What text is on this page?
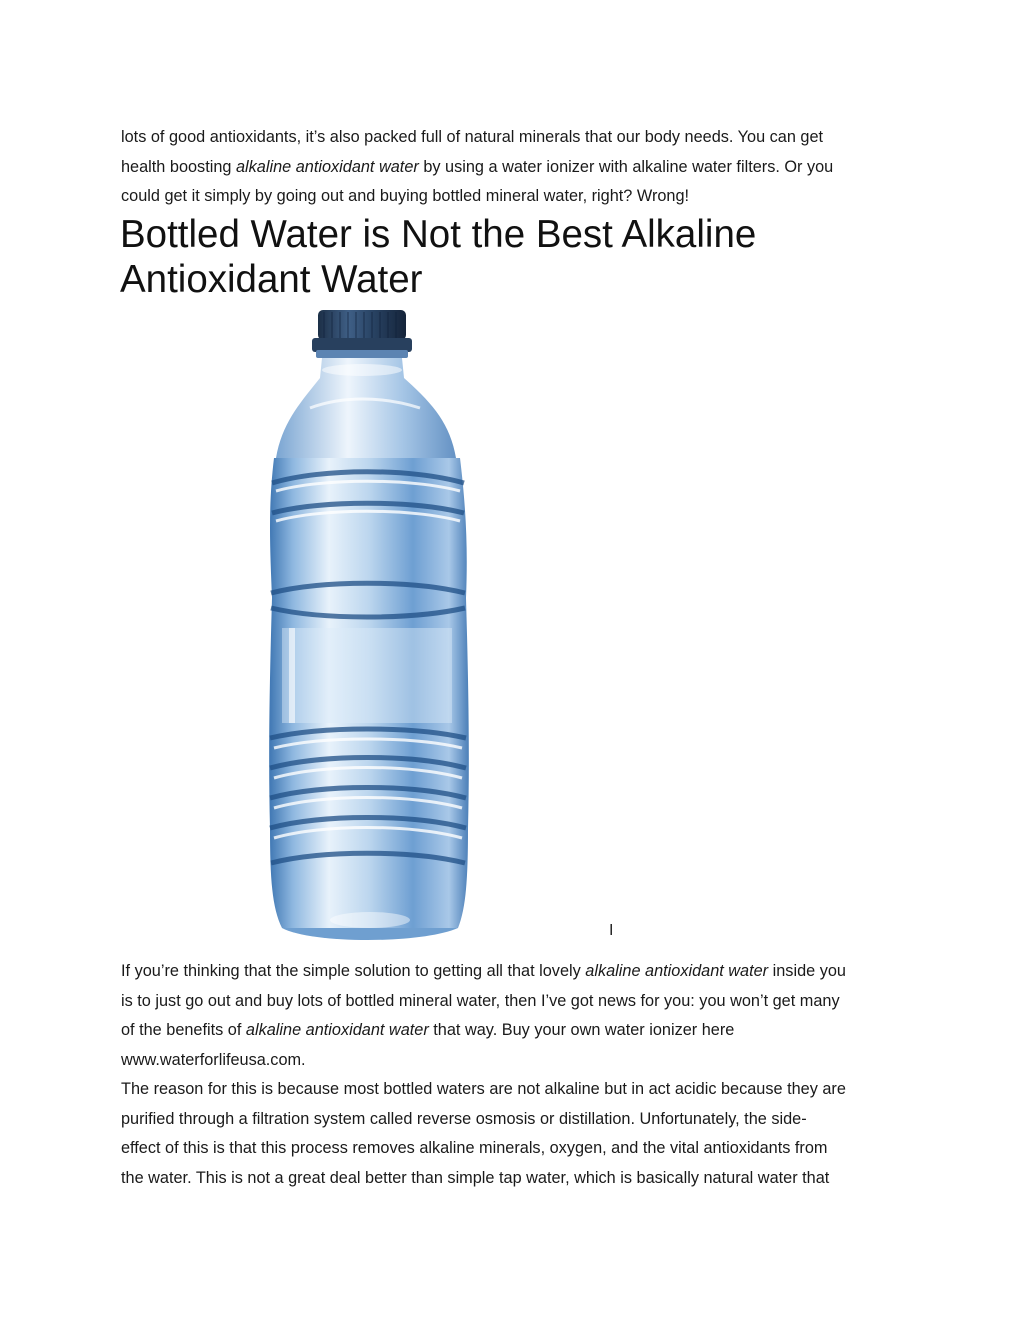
lots of good antioxidants, it’s also packed full of natural minerals that our body needs. You can get
health boosting alkaline antioxidant water by using a water ionizer with alkaline water filters. Or you
could get it simply by going out and buying bottled mineral water, right? Wrong!

Bottled Water is Not the Best Alkaline
Antioxidant Water
I

If you’re thinking that the simple solution to getting all that lovely alkaline antioxidant water inside you
is to just go out and buy lots of bottled mineral water, then I’ve got news for you: you won’t get many
of the benefits of alkaline antioxidant water that way. Buy your own water ionizer here
www.waterforlifeusa.com.

The reason for this is because most bottled waters are not alkaline but in act acidic because they are
purified through a filtration system called reverse osmosis or distillation. Unfortunately, the side-
effect of this is that this process removes alkaline minerals, oxygen, and the vital antioxidants from
the water. This is not a great deal better than simple tap water, which is basically natural water that
